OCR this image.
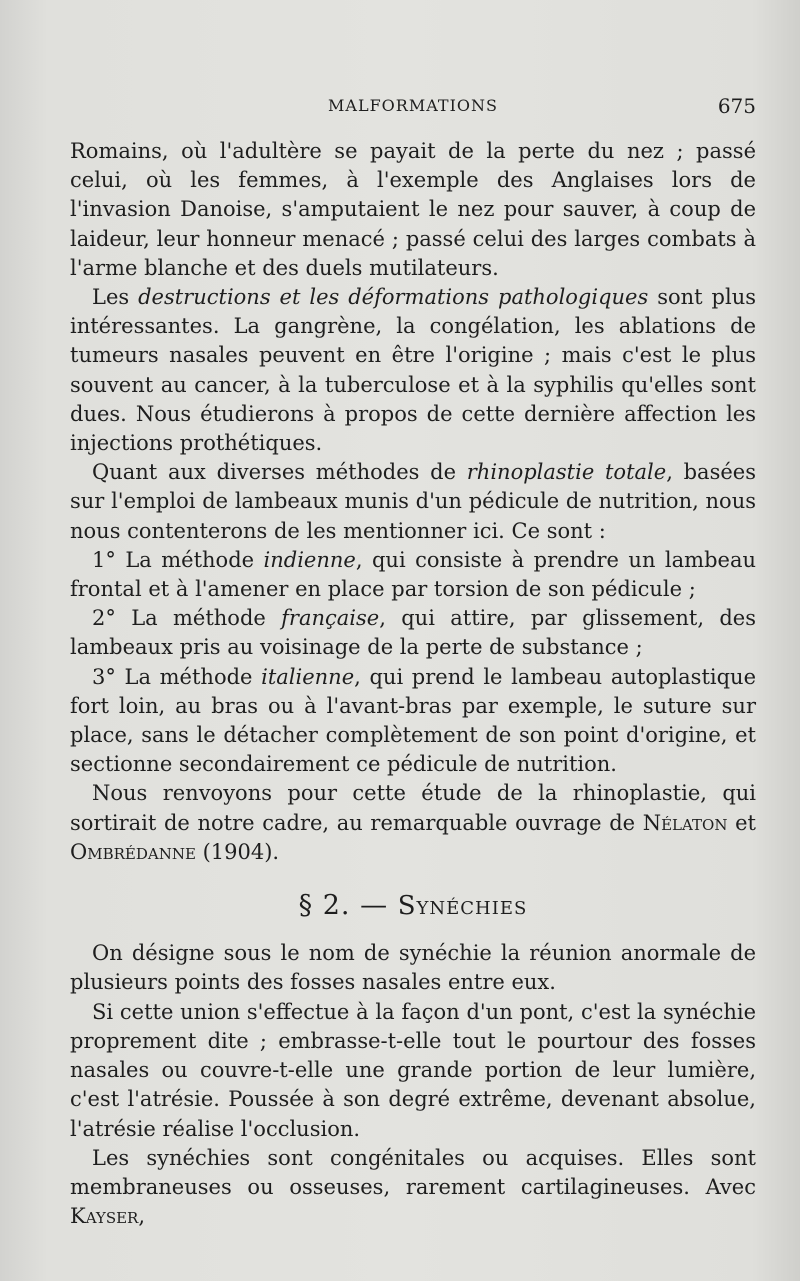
MALFORMATIONS	675

Romains, où l'adultère se payait de la perte du nez ; passé celui, où les femmes, à l'exemple des Anglaises lors de l'invasion Danoise, s'amputaient le nez pour sauver, à coup de laideur, leur honneur menacé ; passé celui des larges combats à l'arme blanche et des duels mutilateurs.

Les destructions et les déformations pathologiques sont plus intéressantes. La gangrène, la congélation, les ablations de tumeurs nasales peuvent en être l'origine ; mais c'est le plus souvent au cancer, à la tuberculose et à la syphilis qu'elles sont dues. Nous étudierons à propos de cette dernière affection les injections prothétiques.

Quant aux diverses méthodes de rhinoplastie totale, basées sur l'emploi de lambeaux munis d'un pédicule de nutrition, nous nous contenterons de les mentionner ici. Ce sont :

1° La méthode indienne, qui consiste à prendre un lambeau frontal et à l'amener en place par torsion de son pédicule ;

2° La méthode française, qui attire, par glissement, des lambeaux pris au voisinage de la perte de substance ;

3° La méthode italienne, qui prend le lambeau autoplastique fort loin, au bras ou à l'avant-bras par exemple, le suture sur place, sans le détacher complètement de son point d'origine, et sectionne secondairement ce pédicule de nutrition.

Nous renvoyons pour cette étude de la rhinoplastie, qui sortirait de notre cadre, au remarquable ouvrage de Nélaton et Ombrédanne (1904).

§ 2. — Synéchies

On désigne sous le nom de synéchie la réunion anormale de plusieurs points des fosses nasales entre eux.

Si cette union s'effectue à la façon d'un pont, c'est la synéchie proprement dite ; embrasse-t-elle tout le pourtour des fosses nasales ou couvre-t-elle une grande portion de leur lumière, c'est l'atrésie. Poussée à son degré extrême, devenant absolue, l'atrésie réalise l'occlusion.

Les synéchies sont congénitales ou acquises. Elles sont membraneuses ou osseuses, rarement cartilagineuses. Avec Kayser,
